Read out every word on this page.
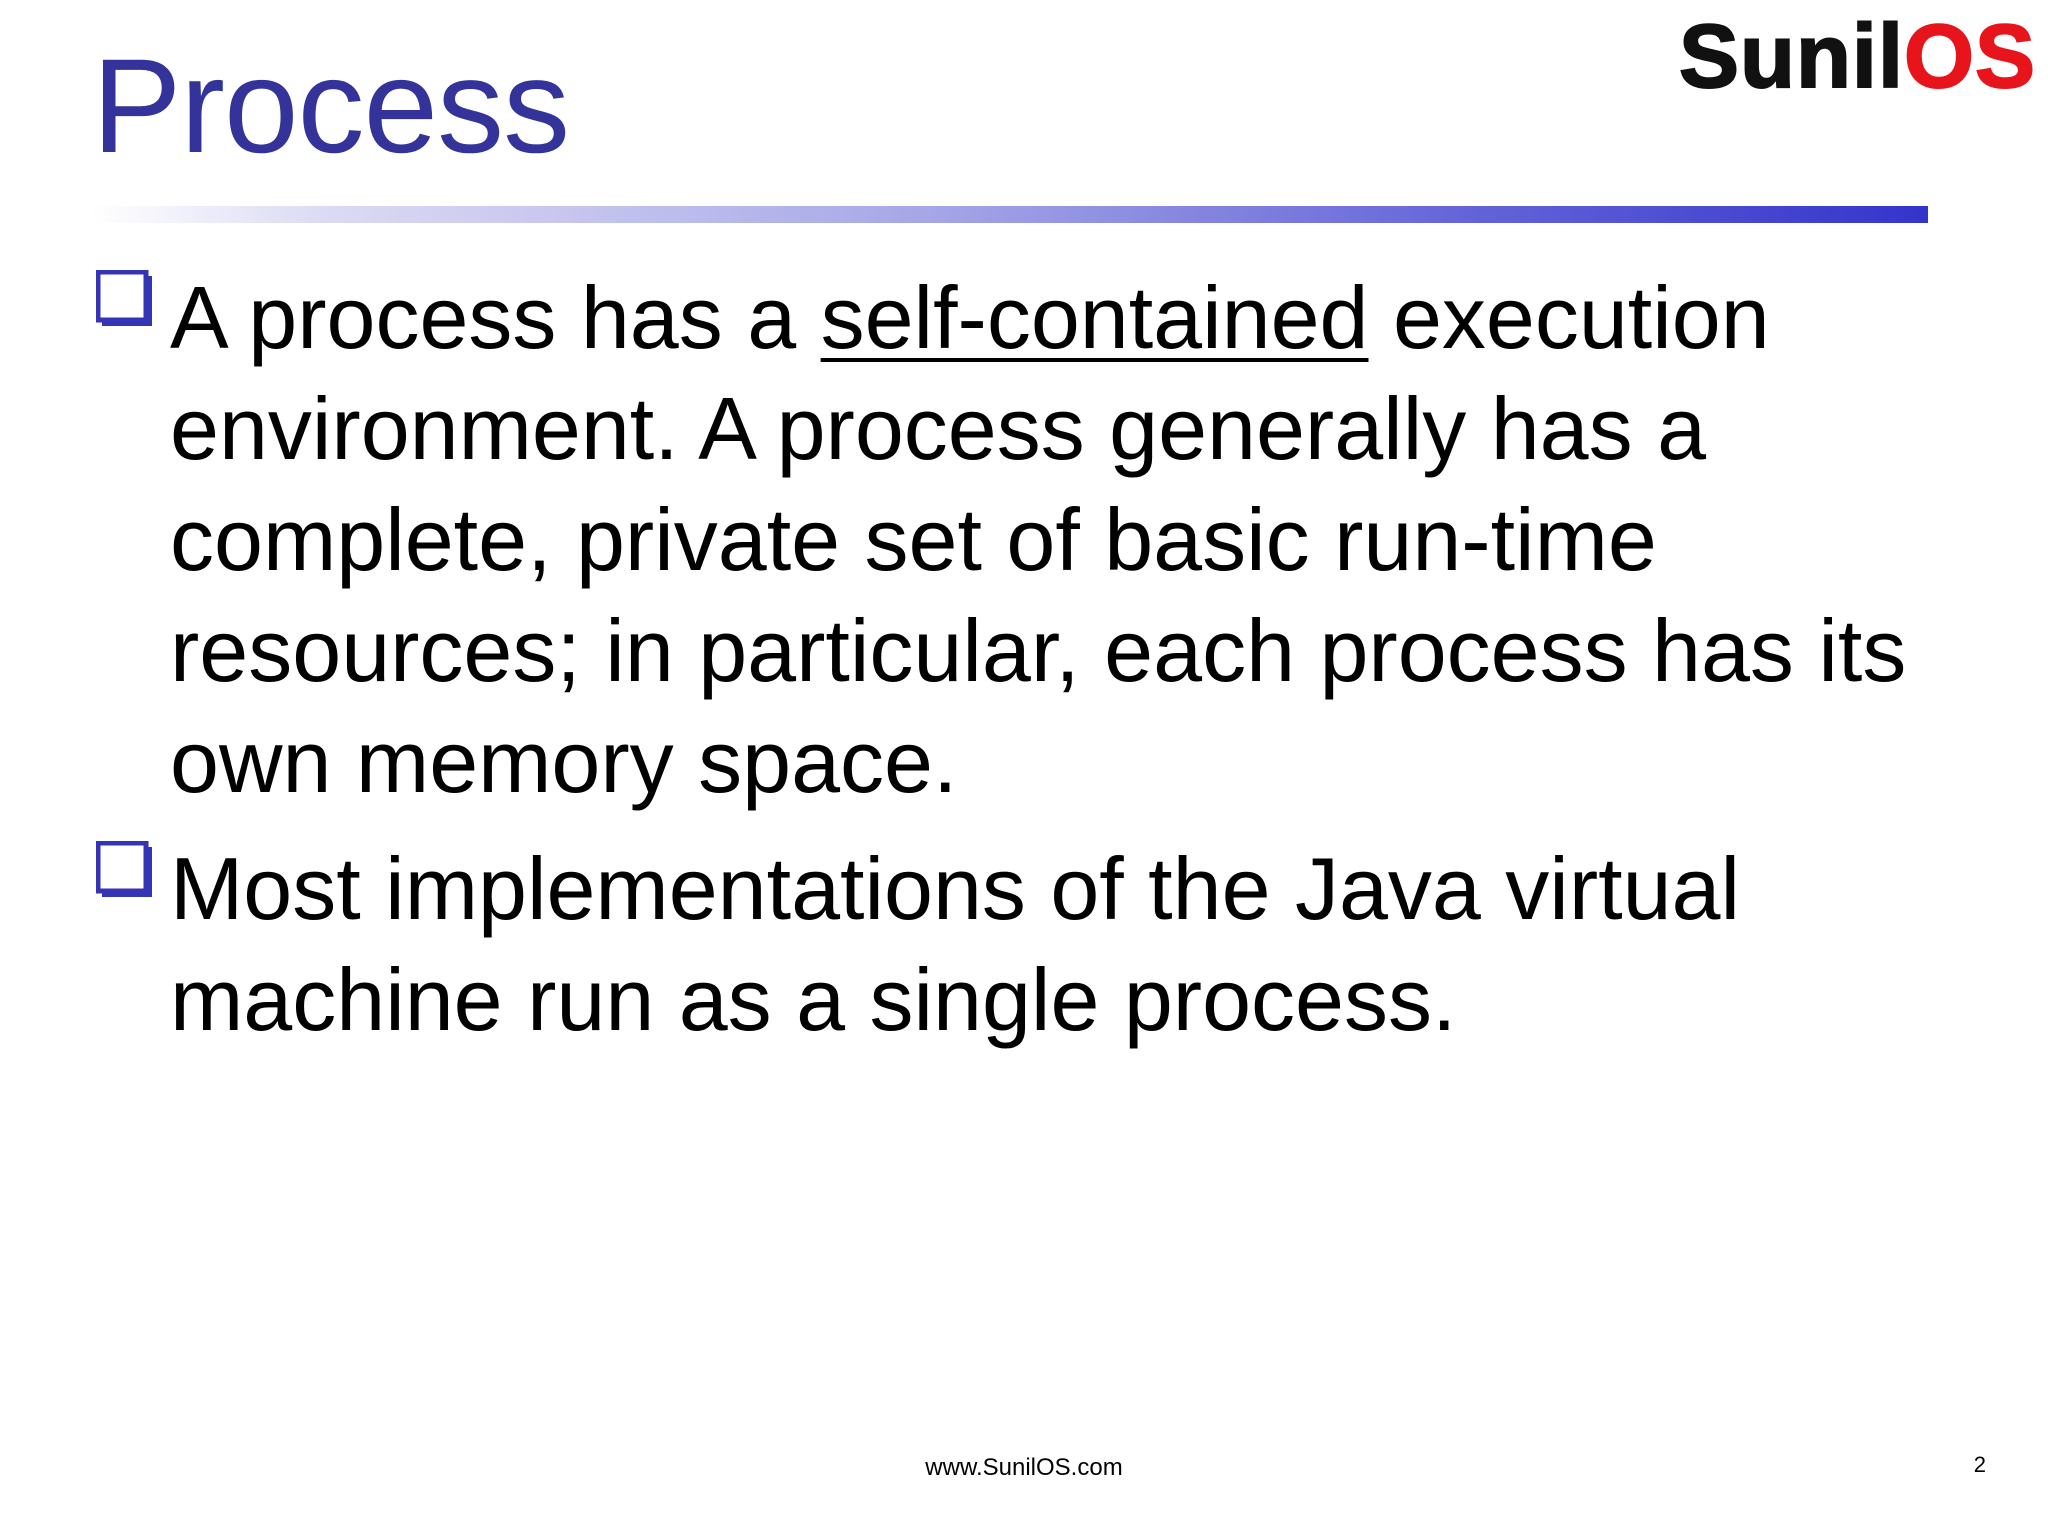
Process	SunilOS
A process has a self-contained execution environment. A process generally has a complete, private set of basic run-time resources; in particular, each process has its own memory space.
Most implementations of the Java virtual machine run as a single process.
www.SunilOS.com	2
